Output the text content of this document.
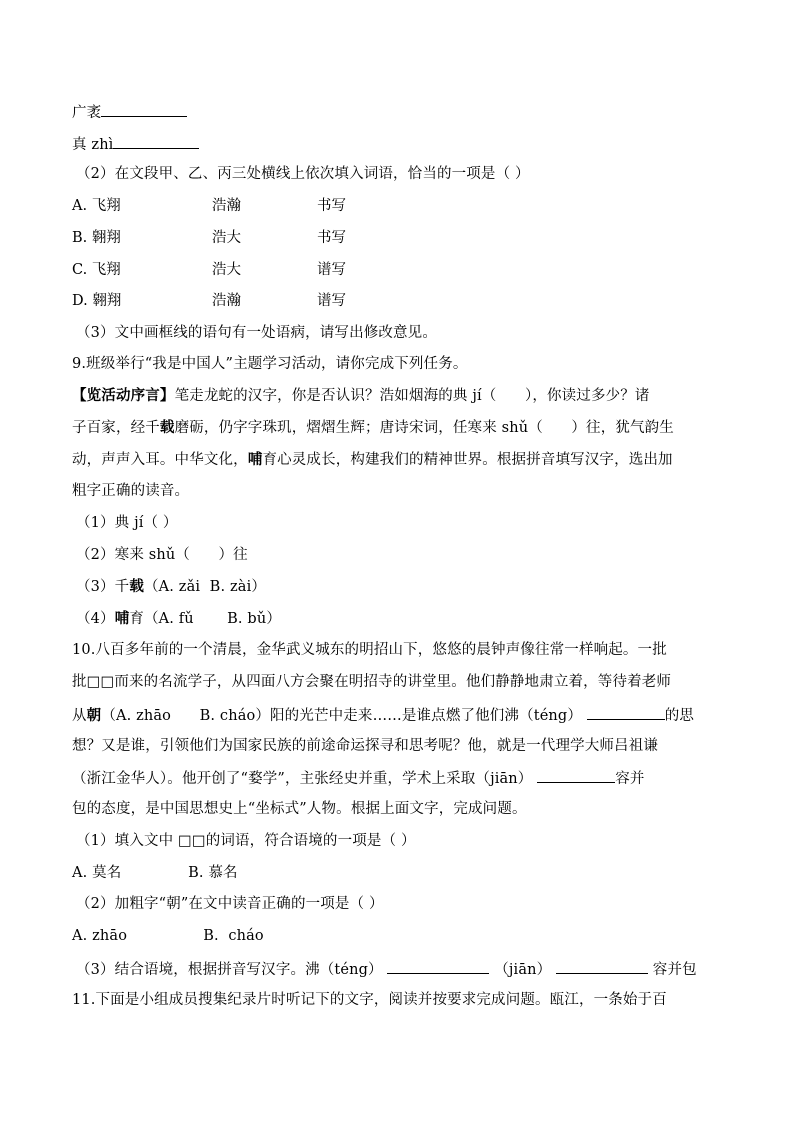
广袤
真 zhì
（2）在文段甲、乙、丙三处横线上依次填入词语，恰当的一项是（ ）
A. 飞翔	浩瀚	书写
B. 翱翔	浩大	书写
C. 飞翔	浩大	谱写
D. 翱翔	浩瀚	谱写
（3）文中画框线的语句有一处语病，请写出修改意见。
9.班级举行“我是中国人”主题学习活动，请你完成下列任务。
【览活动序言】笔走龙蛇的汉字，你是否认识？浩如烟海的典 jí（      ），你读过多少？诸
子百家，经千载磨砺，仍字字珠玑，熠熠生辉；唐诗宋词，任寒来 shǔ（      ）往，犹气韵生
动，声声入耳。中华文化，哺育心灵成长，构建我们的精神世界。根据拼音填写汉字，选出加
粗字正确的读音。
（1）典 jí（ ）
（2）寒来 shǔ（      ）往
（3）千载（A. zǎi  B. zài）
（4）哺育（A. fǔ       B. bǔ）
10.八百多年前的一个清晨，金华武义城东的明招山下，悠悠的晨钟声像往常一样响起。一批
批□□而来的名流学子，从四面八方会聚在明招寺的讲堂里。他们静静地肃立着，等待着老师
从朝（A. zhāo      B. cháo）阳的光芒中走来……是谁点燃了他们沸（téng）	的思
想？又是谁，引领他们为国家民族的前途命运探寻和思考呢？他，就是一代理学大师吕祖谦
（浙江金华人）。他开创了“婺学”，主张经史并重，学术上采取（jiān）	容并
包的态度，是中国思想史上“坐标式”人物。根据上面文字，完成问题。
（1）填入文中 □□的词语，符合语境的一项是（ ）
A. 莫名              B. 慕名
（2）加粗字“朝”在文中读音正确的一项是（ ）
A. zhāo                B.  cháo
（3）结合语境，根据拼音写汉字。沸（téng）	（jiān）	容并包
11.下面是小组成员搜集纪录片时听记下的文字，阅读并按要求完成问题。瓯江，一条始于百
